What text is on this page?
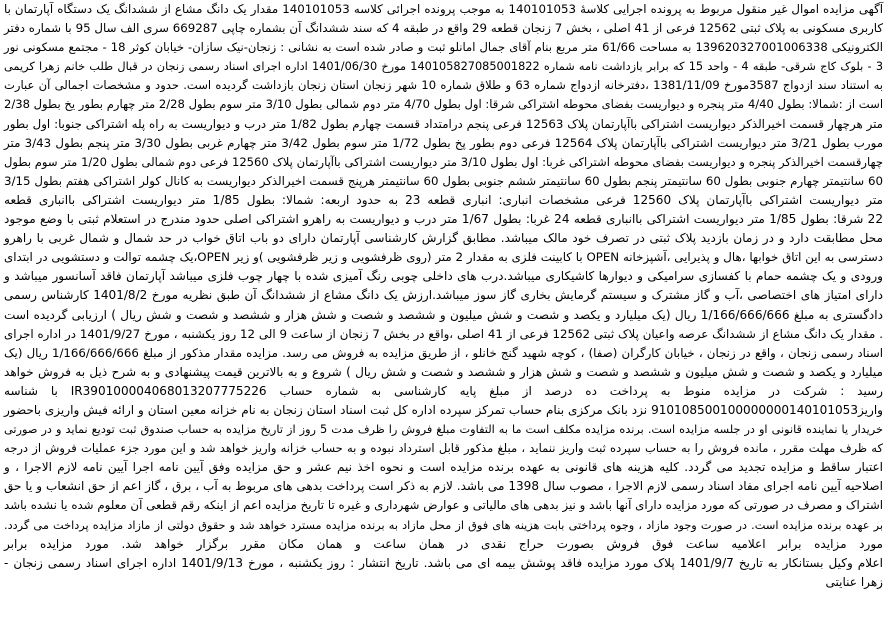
آگهی مزایده اموال غیر منقول مربوط به پرونده اجرایی کلاسهٔ 140101053 به موجب پرونده اجرائی کلاسه 140101053 مقدار یک دانگ مشاع از ششدانگ یک دستگاه آپارتمان با
کاربری مسکونی به پلاک ثبتی 12562 فرعی از 41 اصلی ، بخش 7 زنجان قطعه 29 واقع در طبقه 4 که سند ششدانگ آن بشماره چاپی 669287 سری الف سال 95 با شماره دفتر
الکترونیکی 139620327001006338 به مساحت 61/66 متر مربع بنام آقای جمال امانلو ثبت و صادر شده است به نشانی : زنجان-نیک سازان- خیابان کوثر 18 - مجتمع مسکونی نور
3 - بلوک کاج شرقی- طبقه 4 - واحد 15 که برابر بازداشت نامه شماره 140105827085001822 مورخ 1401/06/30 اداره اجرای اسناد رسمی زنجان در قبال طلب خانم زهرا کریمی
به استناد سند ازدواج 3587مورخ 1381/11/09 ،دفترخانه ازدواج شماره 63 و طلاق شماره 10 شهر زنجان استان زنجان بازداشت گردیده است. حدود و مشخصات اجمالی آن عبارت
است از :شمالا: بطول 4/40 متر پنجره و دیواریست بفضای محوطه اشتراکی شرقا: اول بطول 4/70 متر دوم شمالی بطول 3/10 متر سوم بطول 2/28 متر چهارم بطور یخ بطول 2/38
متر هرچهار قسمت اخیرالذکر دیواریست اشتراکی باآپارتمان پلاک 12563 فرعی پنجم درامتداد قسمت چهارم بطول 1/82 متر درب و دیواریست به راه پله اشتراکی جنوبا: اول بطور
مورب بطول 3/21 متر دیواریست اشتراکی باآپارتمان پلاک 12564 فرعی دوم بطور پخ بطول 1/72 متر سوم بطول 3/42 متر چهارم غربی بطول 3/30 متر پنجم بطول 3/43 متر
چهارقسمت اخیرالذکر پنجره و دیواریست بفضای محوطه اشتراکی غربا: اول بطول 3/10 متر دیواریست اشتراکی باآپارتمان پلاک 12560 فرعی دوم شمالی بطول 1/20 متر سوم بطول
60 سانتیمتر چهارم جنوبی بطول 60 سانتیمتر پنجم بطول 60 سانتیمتر ششم جنوبی بطول 60 سانتیمتر هرپنج قسمت اخیرالذکر دیواریست به کانال کولر اشتراکی هفتم بطول 3/15
متر دیواریست اشتراکی باآپارتمان پلاک 12560 فرعی مشخصات انباری: انباری قطعه 23 به حدود اربعه: شمالا: بطول 1/85 متر دیواریست اشتراکی باانباری قطعه
22 شرقا: بطول 1/85 متر دیواریست اشتراکی باانباری قطعه 24 غربا: بطول 1/67 متر درب و دیواریست به راهرو اشتراکی اصلی حدود مندرج در استعلام ثبتی با وضع موجود
محل مطابقت دارد و در زمان بازدید پلاک ثبتی در تصرف خود مالک میباشد. مطابق گزارش کارشناسی آپارتمان دارای دو باب اتاق خواب در حد شمال و شمال غربی با راهرو
دسترسی به این اتاق خوابها ،هال و پذیرایی ،آشپزخانه OPEN با کابینت فلزی به مقدار 2 متر (روی ظرفشویی و زیر ظرفشویی )و زیر OPEN،یک چشمه توالت و دستشویی در ابتدای
ورودی و یک چشمه حمام با کفسازی سرامیکی و دیوارها کاشیکاری میباشد.درب های داخلی چوبی رنگ آمیزی شده با چهار چوب فلزی میباشد آپارتمان فاقد آسانسور میباشد و
دارای امتیاز های اختصاصی ،آب و گاز مشترک و سیستم گرمایش بخاری گاز سوز میباشد.ارزش یک دانگ مشاع از ششدانگ آن طبق نظریه مورخ 1401/8/2 کارشناس رسمی
دادگستری به مبلغ 1/166/666/666 ریال (یک میلیارد و یکصد و شصت و شش میلیون و ششصد و شصت و شش هزار و ششصد و شصت و شش ریال ) ارزیابی گردیده است
. مقدار یک دانگ مشاع از ششدانگ عرصه واعیان پلاک ثبتی 12562 فرعی از 41 اصلی ،واقع در بخش 7 زنجان از ساعت 9 الی 12 روز یکشنبه ، مورخ 1401/9/27 در اداره اجرای
اسناد رسمی زنجان ، واقع در زنجان ، خیابان کارگران (صفا) ، کوچه شهید گنج خانلو ، از طریق مزایده به فروش می رسد. مزایده مقدار مذکور از مبلغ 1/166/666/666 ریال (یک
میلیارد و یکصد و شصت و شش میلیون و ششصد و شصت و شش هزار و ششصد و شصت و شش ریال ) شروع و به بالاترین قیمت پیشنهادی و به شرح ذیل به فروش خواهد
رسید : شرکت در مزایده منوط به پرداخت ده درصد از مبلغ پایه کارشناسی به شماره حساب IR390100004068013207775226 با شناسه
واریز910108500100000000140101053 نزد بانک مرکزی بنام حساب تمرکز سپرده اداره کل ثبت اسناد استان زنجان به نام خزانه معین استان و ارائه فیش واریزی باحضور
خریدار یا نماینده قانونی او در جلسه مزایده است. برنده مزایده مکلف است ما به التفاوت مبلغ فروش را ظرف مدت 5 روز از تاریخ مزایده به حساب صندوق ثبت تودیع نماید و در صورتی
که ظرف مهلت مقرر ، مانده فروش را به حساب سپرده ثبت واریز ننماید ، مبلغ مذکور قابل استرداد نبوده و به حساب خزانه واریز خواهد شد و این مورد جزء عملیات فروش از درجه
اعتبار ساقط و مزایده تجدید می گردد. کلیه هزینه های قانونی به عهده برنده مزایده است و نحوه اخذ نیم عشر و حق مزایده وفق آیین نامه اجرا آیین نامه لازم الاجرا ، و
اصلاحیه آیین نامه اجرای مفاد اسناد رسمی لازم الاجرا ، مصوب سال 1398 می باشد. لازم به ذکر است پرداخت بدهی های مربوط به آب ، برق ، گاز اعم از حق انشعاب و یا حق
اشتراک و مصرف در صورتی که مورد مزایده دارای آنها باشد و نیز بدهی های مالیاتی و عوارض شهرداری و غیره تا تاریخ مزایده اعم از اینکه رقم قطعی آن معلوم شده یا نشده باشد
بر عهده برنده مزایده است. در صورت وجود مازاد ، وجوه پرداختی بابت هزینه های فوق از محل مازاد به برنده مزایده مسترد خواهد شد و حقوق دولتی از مازاد مزایده پرداخت می گردد.
مورد مزایده برابر اعلامیه ساعت فوق فروش بصورت حراج نقدی در همان ساعت و همان مکان مقرر برگزار خواهد شد. مورد مزایده برابر
اعلام وکیل بستانکار به تاریخ 1401/9/7 پلاک مورد مزایده فاقد پوشش بیمه ای می باشد. تاریخ انتشار : روز یکشنبه ، مورخ 1401/9/13 اداره اجرای اسناد رسمی زنجان -
زهرا عنایتی
